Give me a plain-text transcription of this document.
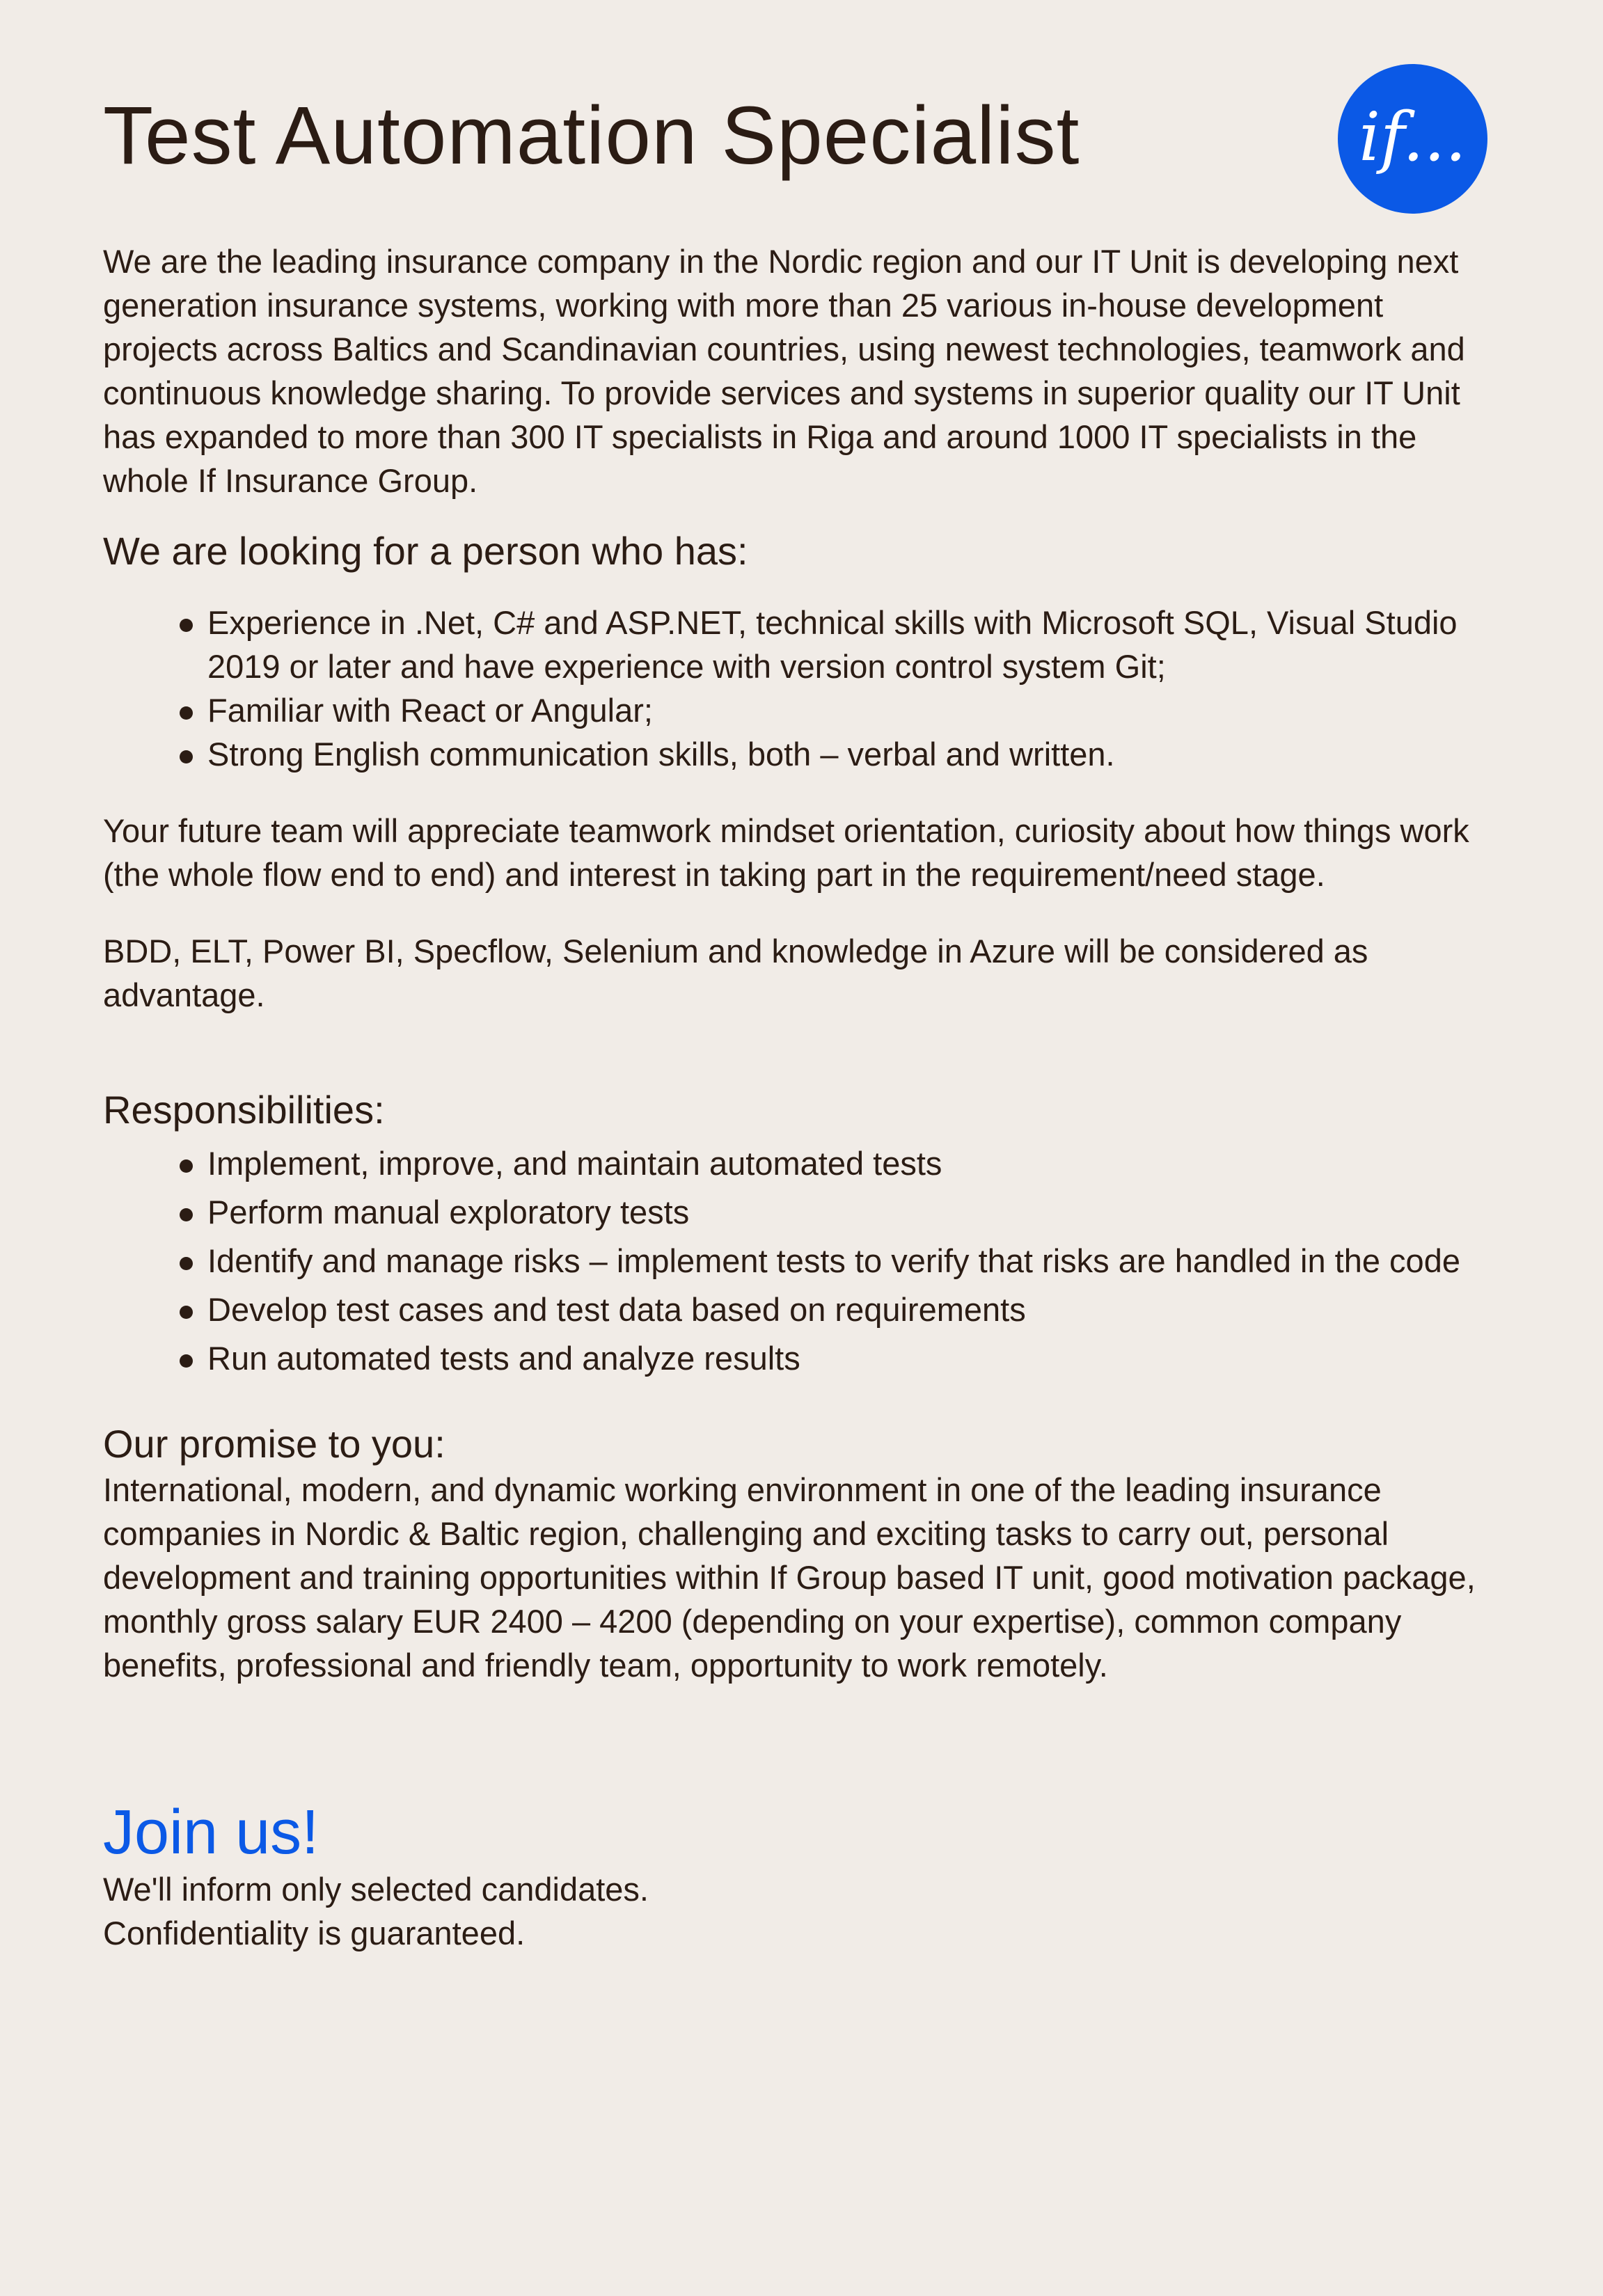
Test Automation Specialist	if...

We are the leading insurance company in the Nordic region and our IT Unit is developing next generation insurance systems, working with more than 25 various in-house development projects across Baltics and Scandinavian countries, using newest technologies, teamwork and continuous knowledge sharing. To provide services and systems in superior quality our IT Unit has expanded to more than 300 IT specialists in Riga and around 1000 IT specialists in the whole If Insurance Group.

We are looking for a person who has:
Experience in .Net, C# and ASP.NET, technical skills with Microsoft SQL, Visual Studio 2019 or later and have experience with version control system Git;
Familiar with React or Angular;
Strong English communication skills, both – verbal and written.

Your future team will appreciate teamwork mindset orientation, curiosity about how things work (the whole flow end to end) and interest in taking part in the requirement/need stage.

BDD, ELT, Power BI, Specflow, Selenium and knowledge in Azure will be considered as advantage.

Responsibilities:
Implement, improve, and maintain automated tests
Perform manual exploratory tests
Identify and manage risks – implement tests to verify that risks are handled in the code
Develop test cases and test data based on requirements
Run automated tests and analyze results
Our promise to you:

International, modern, and dynamic working environment in one of the leading insurance companies in Nordic & Baltic region, challenging and exciting tasks to carry out, personal development and training opportunities within If Group based IT unit, good motivation package, monthly gross salary EUR 2400 – 4200 (depending on your expertise), common company benefits, professional and friendly team, opportunity to work remotely.

Join us!

We'll inform only selected candidates.

Confidentiality is guaranteed.
